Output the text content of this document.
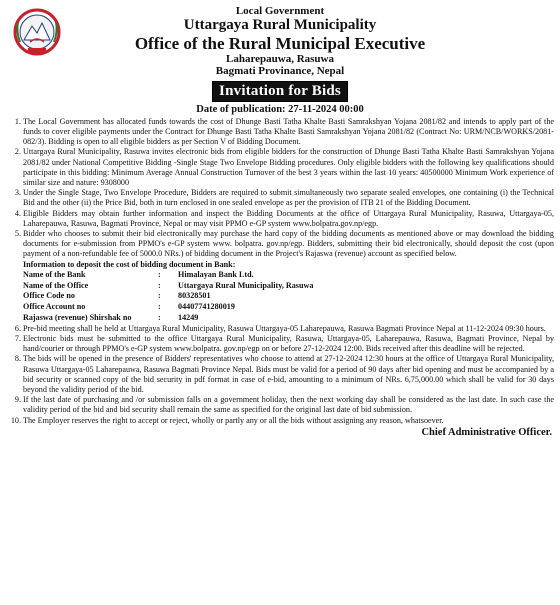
Local Government
Uttargaya Rural Municipality
Office of the Rural Municipal Executive
Laharepauwa, Rasuwa
Bagmati Provinance, Nepal
Invitation for Bids
Date of publication: 27-11-2024 00:00
1. The Local Government has allocated funds towards the cost of Dhunge Basti Tatha Khalte Basti Samrakshyan Yojana 2081/82 and intends to apply part of the funds to cover eligible payments under the Contract for Dhunge Basti Tatha Khalte Basti Samrakshyan Yojana 2081/82 (Contract No: URM/NCB/WORKS/2081-082/3). Bidding is open to all eligible bidders as per Section V of Bidding Document.
2. Uttargaya Rural Municipality, Rasuwa invites electronic bids from eligible bidders for the construction of Dhunge Basti Tatha Khalte Basti Samrakshyan Yojana 2081/82 under National Competitive Bidding -Single Stage Two Envelope Bidding procedures. Only eligible bidders with the following key qualifications should participate in this bidding: Minimum Average Annual Construction Turnover of the best 3 years within the last 10 years: 40500000 Minimum Work experience of similar size and nature: 9308000
3. Under the Single Stage, Two Envelope Procedure, Bidders are required to submit simultaneously two separate sealed envelopes, one containing (i) the Technical Bid and the other (ii) the Price Bid, both in turn enclosed in one sealed envelope as per the provision of ITB 21 of the Bidding Document.
4. Eligible Bidders may obtain further information and inspect the Bidding Documents at the office of Uttargaya Rural Municipality, Rasuwa, Uttargaya-05, Laharepauwa, Rasuwa, Bagmati Province, Nepal or may visit PPMO e-GP system www.bolpatra.gov.np/egp.
5. Bidder who chooses to submit their bid electronically may purchase the hard copy of the bidding documents as mentioned above or may download the bidding documents for e-submission from PPMO's e-GP system www. bolpatra. gov.np/egp. Bidders, submitting their bid electronically, should deposit the cost (upon payment of a non-refundable fee of 5000.0 NRs.) of bidding document in the Project's Rajaswa (revenue) account as specified below.
Information to deposit the cost of bidding document in Bank:
Name of the Bank	:	Himalayan Bank Ltd.
Name of the Office	:	Uttargaya Rural Municipality, Rasuwa
Office Code no	:	80328501
Office Account no	:	04407741280019
Rajaswa (revenue) Shirshak no	:	14249
6. Pre-bid meeting shall be held at Uttargaya Rural Municipality, Rasuwa Uttargaya-05 Laharepauwa, Rasuwa Bagmati Province Nepal at 11-12-2024 09:30 hours.
7. Electronic bids must be submitted to the office Uttargaya Rural Municipality, Rasuwa, Uttargaya-05, Laharepauwa, Rasuwa, Bagmati Province, Nepal by hand/courier or through PPMO's e-GP system www.bolpatra. gov.np/egp on or before 27-12-2024 12:00. Bids received after this deadline will be rejected.
8. The bids will be opened in the presence of Bidders' representatives who choose to attend at 27-12-2024 12:30 hours at the office of Uttargaya Rural Municipality, Rasuwa Uttargaya-05 Laharepauwa, Rasuwa Bagmati Province Nepal. Bids must be valid for a period of 90 days after bid opening and must be accompanied by a bid security or scanned copy of the bid security in pdf format in case of e-bid, amounting to a minimum of NRs. 6,75,000.00 which shall be valid for 30 days beyond the validity period of the bid.
9. If the last date of purchasing and /or submission falls on a government holiday, then the next working day shall be considered as the last date. In such case the validity period of the bid and bid security shall remain the same as specified for the original last date of bid submission.
10. The Employer reserves the right to accept or reject, wholly or partly any or all the bids without assigning any reason, whatsoever.
Chief Administrative Officer.
